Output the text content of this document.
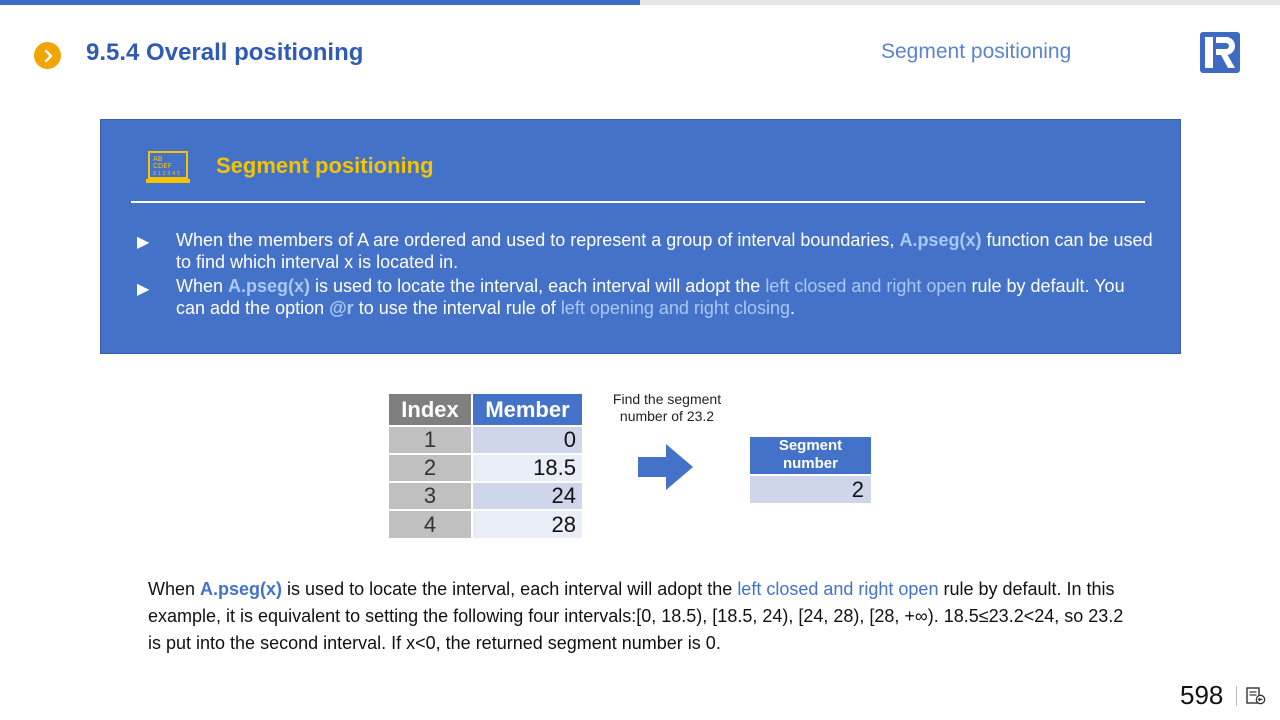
9.5.4 Overall positioning	Segment positioning
AB
CDEF
0 1 2 3 4 5 Segment positioning
▶ When the members of A are ordered and used to represent a group of interval boundaries, A.pseg(x) function can be used to find which interval x is located in.
▶ When A.pseg(x) is used to locate the interval, each interval will adopt the left closed and right open rule by default. You can add the option @r to use the interval rule of left opening and right closing.
Index	Member
1	0
2	18.5
3	24
4	28
Find the segment number of 23.2
Segment number
2
When A.pseg(x) is used to locate the interval, each interval will adopt the left closed and right open rule by default. In this example, it is equivalent to setting the following four intervals:[0, 18.5), [18.5, 24), [24, 28), [28, +∞). 18.5≤23.2<24, so 23.2 is put into the second interval. If x<0, the returned segment number is 0.
598
